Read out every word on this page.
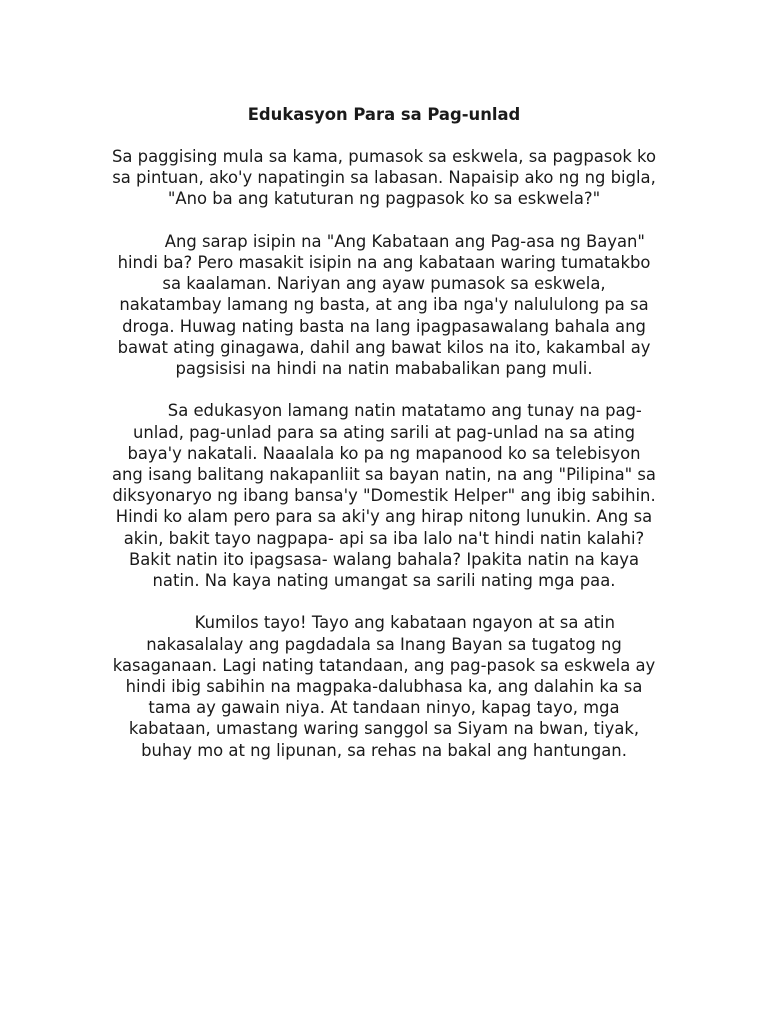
Edukasyon Para sa Pag-unlad
Sa paggising mula sa kama, pumasok sa eskwela, sa pagpasok ko
sa pintuan, ako'y napatingin sa labasan. Napaisip ako ng ng bigla,
"Ano ba ang katuturan ng pagpasok ko sa eskwela?"
Ang sarap isipin na "Ang Kabataan ang Pag-asa ng Bayan"
hindi ba? Pero masakit isipin na ang kabataan waring tumatakbo
sa kaalaman. Nariyan ang ayaw pumasok sa eskwela,
nakatambay lamang ng basta, at ang iba nga'y nalululong pa sa
droga. Huwag nating basta na lang ipagpasawalang bahala ang
bawat ating ginagawa, dahil ang bawat kilos na ito, kakambal ay
pagsisisi na hindi na natin mababalikan pang muli.
Sa edukasyon lamang natin matatamo ang tunay na pag-
unlad, pag-unlad para sa ating sarili at pag-unlad na sa ating
baya'y nakatali. Naaalala ko pa ng mapanood ko sa telebisyon
ang isang balitang nakapanliit sa bayan natin, na ang "Pilipina" sa
diksyonaryo ng ibang bansa'y "Domestik Helper" ang ibig sabihin.
Hindi ko alam pero para sa aki'y ang hirap nitong lunukin. Ang sa
akin, bakit tayo nagpapa- api sa iba lalo na't hindi natin kalahi?
Bakit natin ito ipagsasa- walang bahala? Ipakita natin na kaya
natin. Na kaya nating umangat sa sarili nating mga paa.
Kumilos tayo! Tayo ang kabataan ngayon at sa atin
nakasalalay ang pagdadala sa Inang Bayan sa tugatog ng
kasaganaan. Lagi nating tatandaan, ang pag-pasok sa eskwela ay
hindi ibig sabihin na magpaka-dalubhasa ka, ang dalahin ka sa
tama ay gawain niya. At tandaan ninyo, kapag tayo, mga
kabataan, umastang waring sanggol sa Siyam na bwan, tiyak,
buhay mo at ng lipunan, sa rehas na bakal ang hantungan.
